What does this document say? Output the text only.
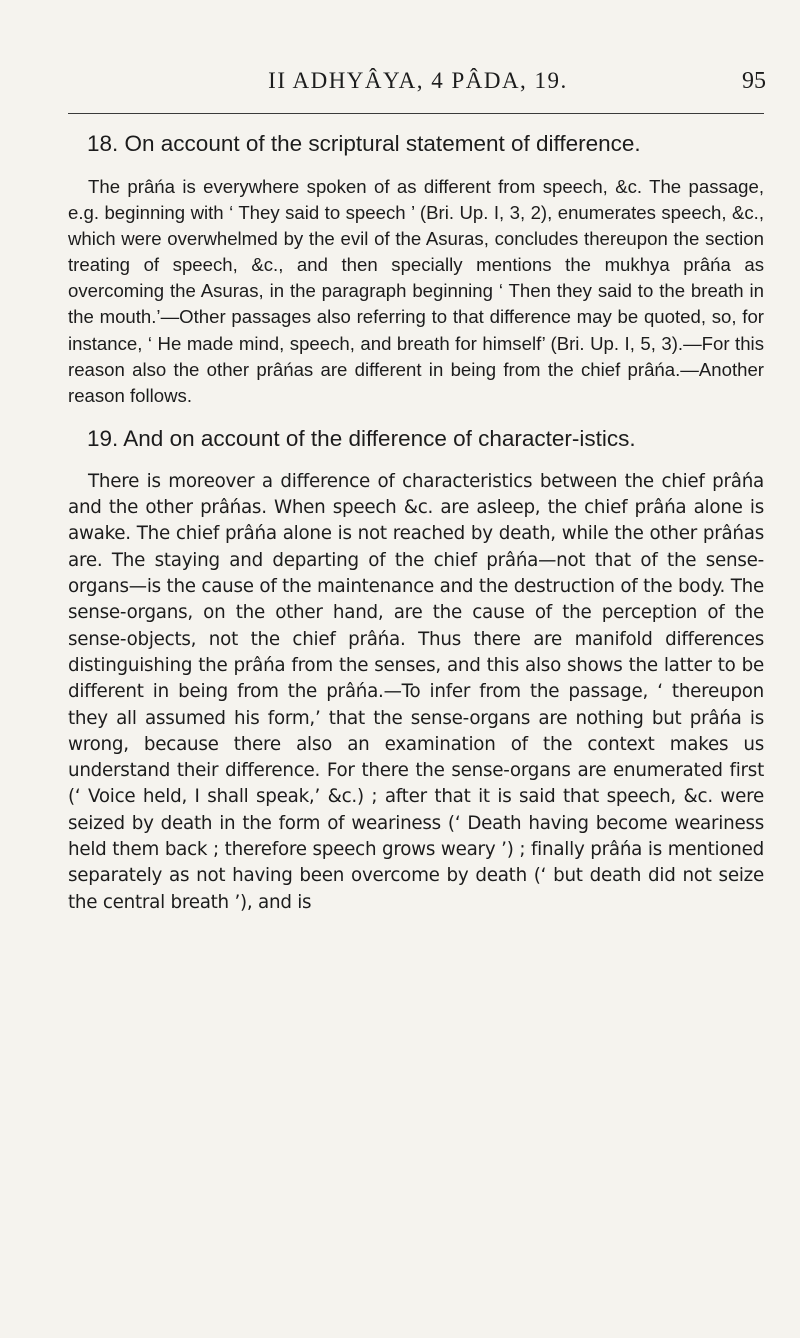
II ADHYÂYA, 4 PÂDA, 19.	95

18. On account of the scriptural statement of difference.

The prâńa is everywhere spoken of as different from speech, &c. The passage, e.g. beginning with ‘ They said to speech ’ (Bri. Up. I, 3, 2), enumerates speech, &c., which were overwhelmed by the evil of the Asuras, concludes thereupon the section treating of speech, &c., and then specially mentions the mukhya prâńa as overcoming the Asuras, in the paragraph beginning ‘ Then they said to the breath in the mouth.’—Other passages also referring to that difference may be quoted, so, for instance, ‘ He made mind, speech, and breath for himself’ (Bri. Up. I, 5, 3).—For this reason also the other prâńas are different in being from the chief prâńa.—Another reason follows.

19. And on account of the difference of character-istics.

There is moreover a difference of characteristics between the chief prâńa and the other prâńas. When speech &c. are asleep, the chief prâńa alone is awake. The chief prâńa alone is not reached by death, while the other prâńas are. The staying and departing of the chief prâńa—not that of the sense-organs—is the cause of the maintenance and the destruction of the body. The sense-organs, on the other hand, are the cause of the perception of the sense-objects, not the chief prâńa. Thus there are manifold differences distinguishing the prâńa from the senses, and this also shows the latter to be different in being from the prâńa.—To infer from the passage, ‘ thereupon they all assumed his form,’ that the sense-organs are nothing but prâńa is wrong, because there also an examination of the context makes us understand their difference. For there the sense-organs are enumerated first (‘ Voice held, I shall speak,’ &c.) ; after that it is said that speech, &c. were seized by death in the form of weariness (‘ Death having become weariness held them back ; therefore speech grows weary ’) ; finally prâńa is mentioned separately as not having been overcome by death (‘ but death did not seize the central breath ’), and is
